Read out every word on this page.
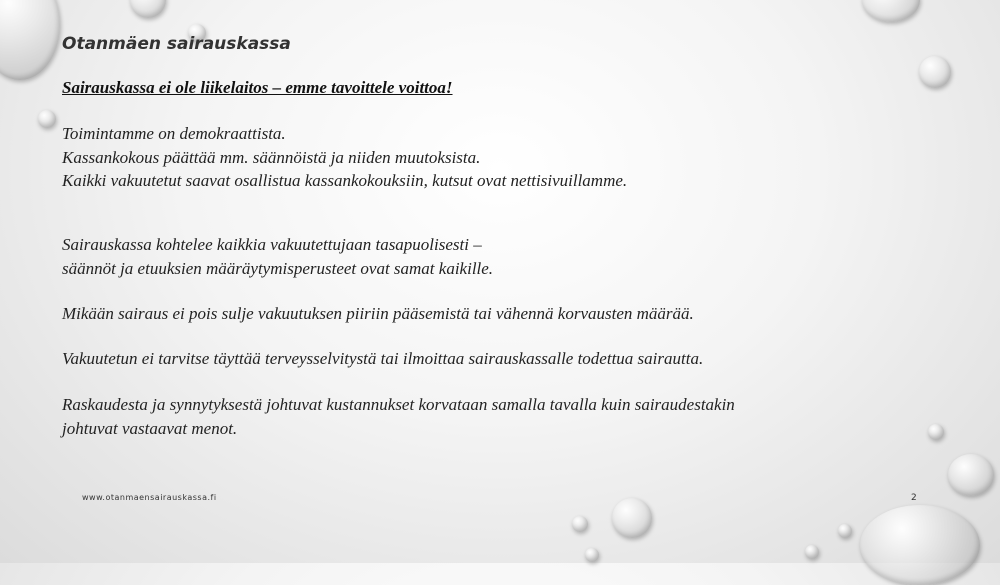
Otanmäen sairauskassa
Sairauskassa ei ole liikelaitos – emme tavoittele voittoa!

Toimintamme on demokraattista.
Kassankokous päättää mm. säännöistä ja niiden muutoksista.
Kaikki vakuutetut saavat osallistua kassankokouksiin, kutsut ovat nettisivuillamme.

Sairauskassa kohtelee kaikkia vakuutettujaan tasapuolisesti –
säännöt ja etuuksien määräytymisperusteet ovat samat kaikille.

Mikään sairaus ei pois sulje vakuutuksen piiriin pääsemistä tai vähennä korvausten määrää.

Vakuutetun ei tarvitse täyttää terveysselvitystä tai ilmoittaa sairauskassalle todettua sairautta.

Raskaudesta ja synnytyksestä johtuvat kustannukset korvataan samalla tavalla kuin sairaudestakin
johtuvat vastaavat menot.

www.otanmaensairauskassa.fi	2
